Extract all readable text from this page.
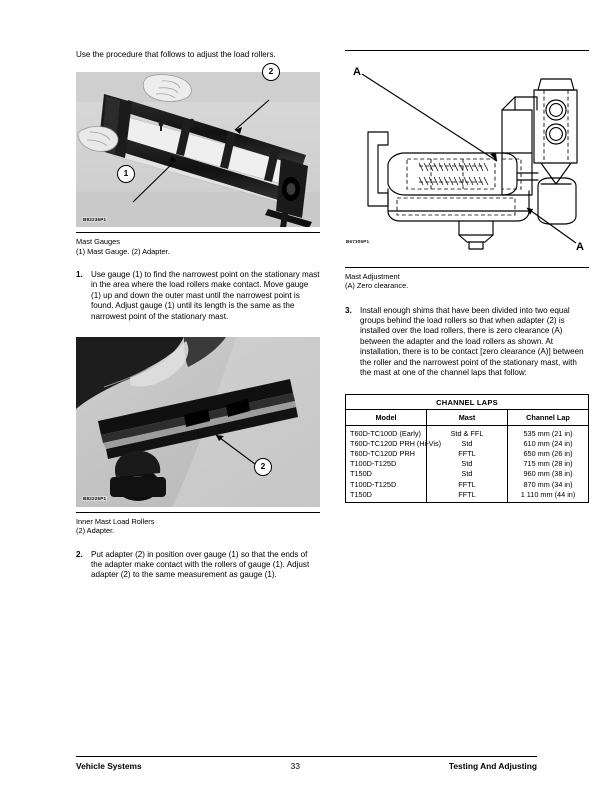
Use the procedure that follows to adjust the load rollers.

B82236P1
2
1

Mast Gauges

(1) Mast Gauge. (2) Adapter.

1.	Use gauge (1) to find the narrowest point on the stationary mast in the area where the load rollers make contact. Move gauge (1) up and down the outer mast until the narrowest point is found. Adjust gauge (1) until its length is the same as the narrowest point of the stationary mast.
B82226P1
2

Inner Mast Load Rollers

(2) Adapter.

2.	Put adapter (2) in position over gauge (1) so that the ends of the adapter make contact with the rollers of gauge (1). Adjust adapter (2) to the same measurement as gauge (1).
A
A
B67306P1

Mast Adjustment

(A) Zero clearance.

3.	Install enough shims that have been divided into two equal groups behind the load rollers so that when adapter (2) is installed over the load rollers, there is zero clearance (A) between the adapter and the load rollers as shown. At installation, there is to be contact [zero clearance (A)] between the roller and the narrowest point of the stationary mast, with the mast at one of the channel laps that follow:
CHANNEL LAPS		
Model	Mast	Channel Lap
T60D-TC100D (Early)	Std & FFL	535 mm (21 in)
T60D-TC120D PRH (Hi-Vis)	Std	610 mm (24 in)
T60D-TC120D PRH	FFTL	650 mm (26 in)
T100D-T125D	Std	715 mm (28 in)
T150D	Std	960 mm (38 in)
T100D-T125D	FFTL	870 mm (34 in)
T150D	FFTL	1 110 mm (44 in)
Vehicle Systems	33	Testing And Adjusting
